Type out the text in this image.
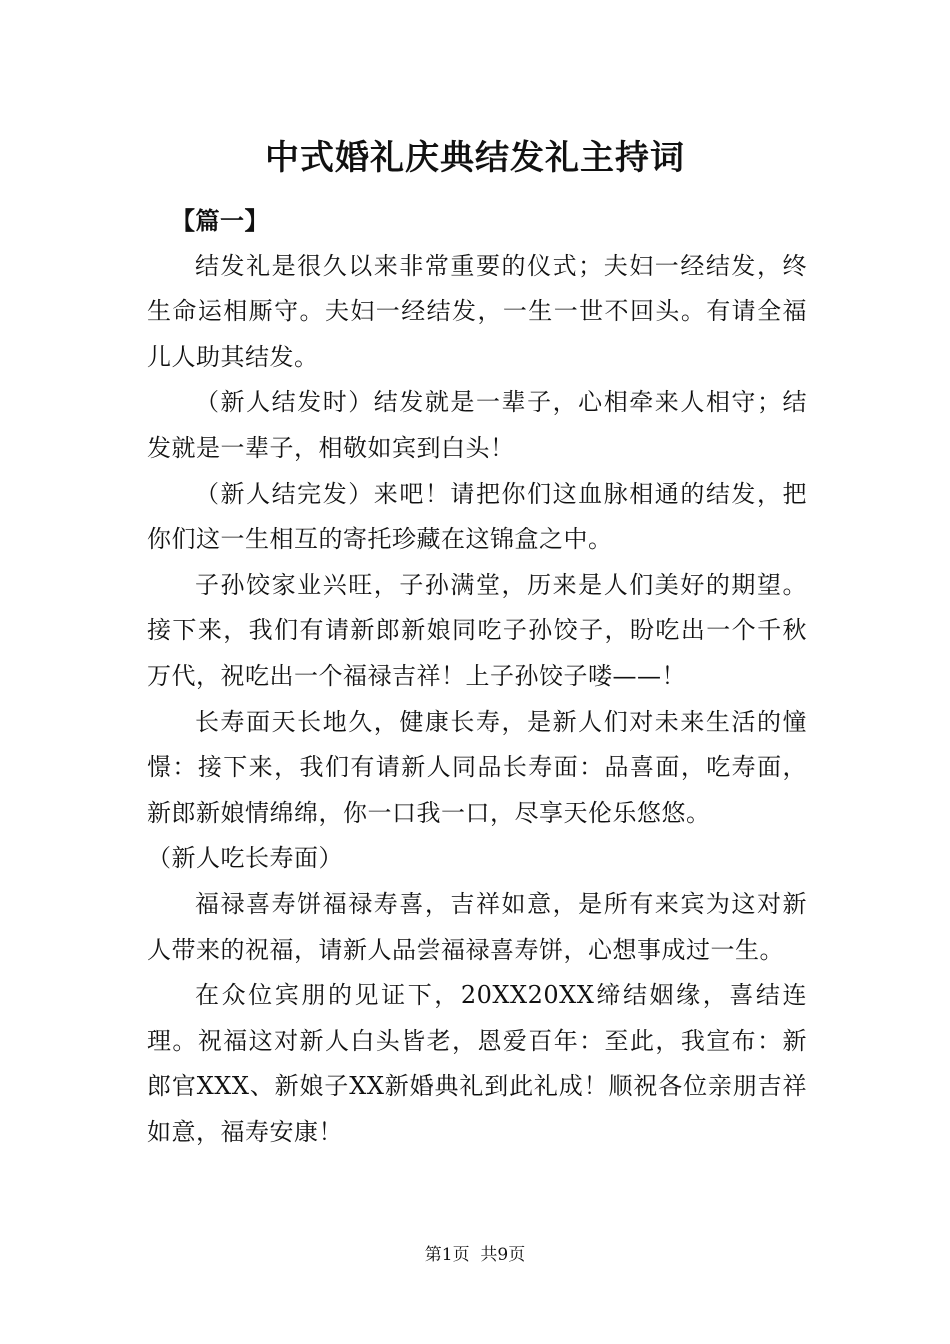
中式婚礼庆典结发礼主持词

【篇一】

结发礼是很久以来非常重要的仪式；夫妇一经结发，终生命运相厮守。夫妇一经结发，一生一世不回头。有请全福儿人助其结发。

（新人结发时）结发就是一辈子，心相牵来人相守；结发就是一辈子，相敬如宾到白头！

（新人结完发）来吧！请把你们这血脉相通的结发，把你们这一生相互的寄托珍藏在这锦盒之中。

子孙饺家业兴旺，子孙满堂，历来是人们美好的期望。接下来，我们有请新郎新娘同吃子孙饺子，盼吃出一个千秋万代，祝吃出一个福禄吉祥！上子孙饺子喽——！

长寿面天长地久，健康长寿，是新人们对未来生活的憧憬：接下来，我们有请新人同品长寿面：品喜面，吃寿面，新郎新娘情绵绵，你一口我一口，尽享天伦乐悠悠。

（新人吃长寿面）

福禄喜寿饼福禄寿喜，吉祥如意，是所有来宾为这对新人带来的祝福，请新人品尝福禄喜寿饼，心想事成过一生。

在众位宾朋的见证下，20XX20XX缔结姻缘，喜结连理。祝福这对新人白头皆老，恩爱百年：至此，我宣布：新郎官XXX、新娘子XX新婚典礼到此礼成！顺祝各位亲朋吉祥如意，福寿安康！

第1页  共9页
